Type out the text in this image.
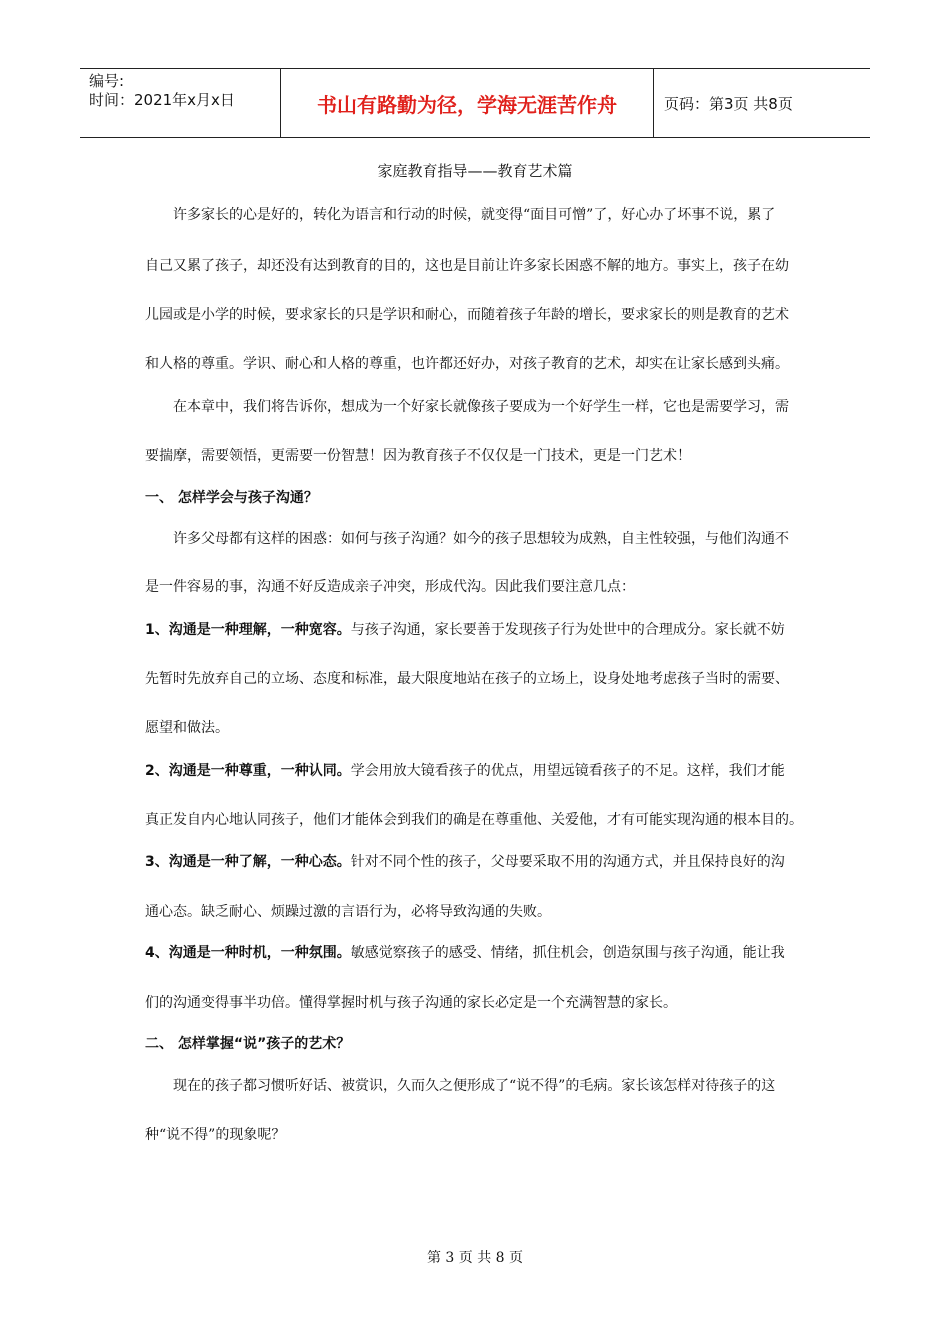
编号:
时间：2021年x月x日	书山有路勤为径，学海无涯苦作舟	页码：第3页 共8页
家庭教育指导——教育艺术篇
许多家长的心是好的，转化为语言和行动的时候，就变得“面目可憎”了，好心办了坏事不说，累了
自己又累了孩子，却还没有达到教育的目的，这也是目前让许多家长困惑不解的地方。事实上，孩子在幼
儿园或是小学的时候，要求家长的只是学识和耐心，而随着孩子年龄的增长，要求家长的则是教育的艺术
和人格的尊重。学识、耐心和人格的尊重，也许都还好办，对孩子教育的艺术，却实在让家长感到头痛。
在本章中，我们将告诉你，想成为一个好家长就像孩子要成为一个好学生一样，它也是需要学习，需
要揣摩，需要领悟，更需要一份智慧！因为教育孩子不仅仅是一门技术，更是一门艺术！
一、 怎样学会与孩子沟通？
许多父母都有这样的困惑：如何与孩子沟通？如今的孩子思想较为成熟，自主性较强，与他们沟通不
是一件容易的事，沟通不好反造成亲子冲突，形成代沟。因此我们要注意几点：
1、沟通是一种理解，一种宽容。与孩子沟通，家长要善于发现孩子行为处世中的合理成分。家长就不妨
先暂时先放弃自己的立场、态度和标准，最大限度地站在孩子的立场上，设身处地考虑孩子当时的需要、
愿望和做法。
2、沟通是一种尊重，一种认同。学会用放大镜看孩子的优点，用望远镜看孩子的不足。这样，我们才能
真正发自内心地认同孩子，他们才能体会到我们的确是在尊重他、关爱他，才有可能实现沟通的根本目的。
3、沟通是一种了解，一种心态。针对不同个性的孩子，父母要采取不用的沟通方式，并且保持良好的沟
通心态。缺乏耐心、烦躁过激的言语行为，必将导致沟通的失败。
4、沟通是一种时机，一种氛围。敏感觉察孩子的感受、情绪，抓住机会，创造氛围与孩子沟通，能让我
们的沟通变得事半功倍。懂得掌握时机与孩子沟通的家长必定是一个充满智慧的家长。
二、 怎样掌握“说”孩子的艺术？
现在的孩子都习惯听好话、被赏识，久而久之便形成了“说不得”的毛病。家长该怎样对待孩子的这
种“说不得”的现象呢？
第 3 页 共 8 页
